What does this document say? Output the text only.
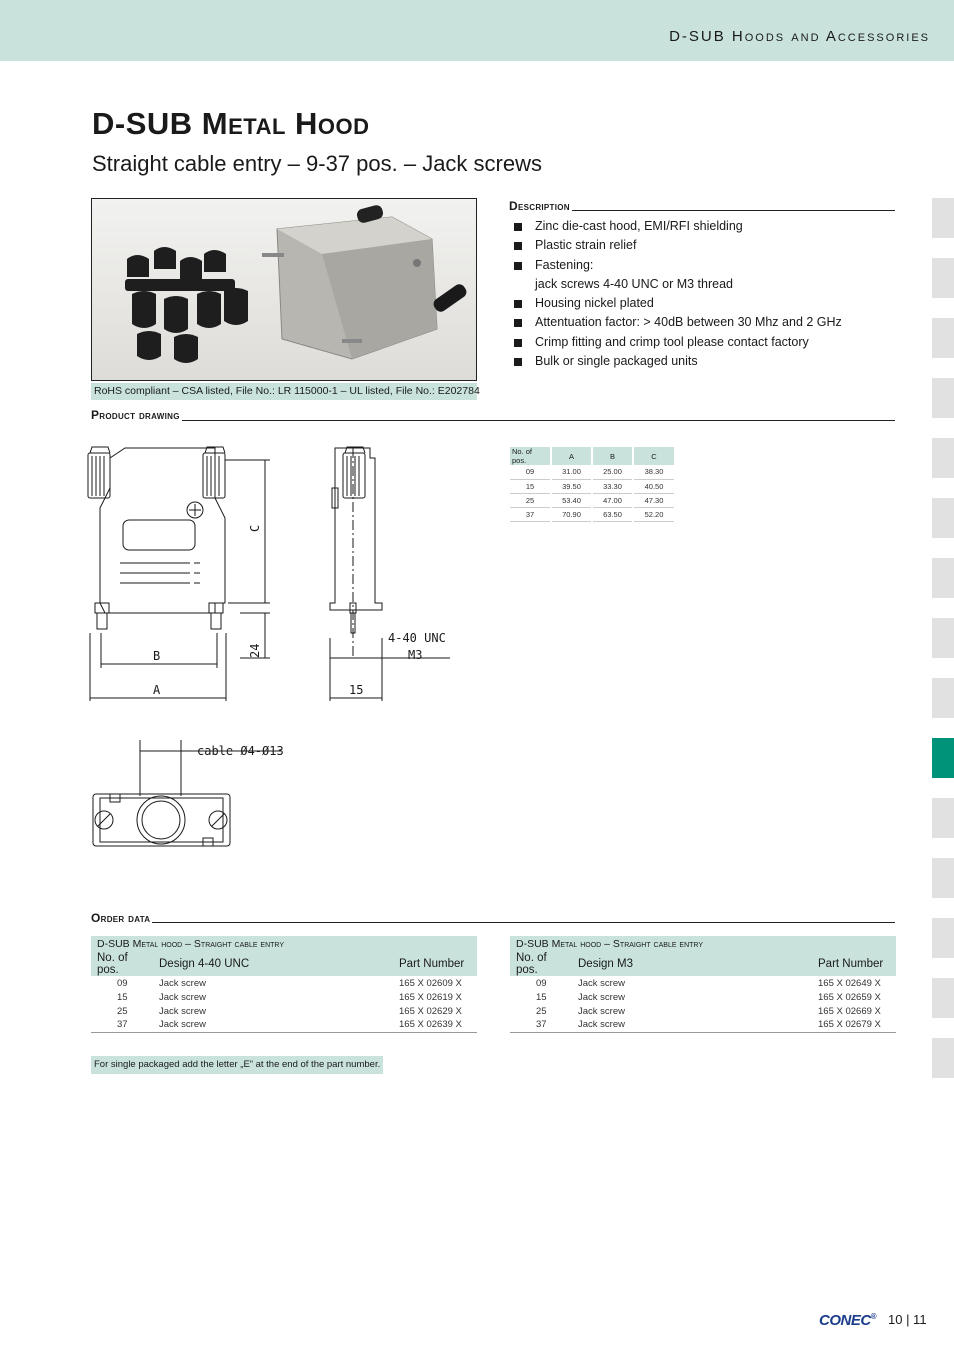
D-SUB Hoods and Accessories
D-SUB Metal Hood
Straight cable entry – 9-37 pos. – Jack screws
RoHS compliant – CSA listed, File No.: LR 115000-1 – UL listed, File No.: E202784
Description
Zinc die-cast hood, EMI/RFI shielding
Plastic strain relief
Fastening:
jack screws 4-40 UNC or M3 thread
Housing nickel plated
Attentuation factor: > 40dB between 30 Mhz and 2 GHz
Crimp fitting and crimp tool please contact factory
Bulk or single packaged units
Product drawing
C
24
B
A	15
4-40 UNC
M3
cable Ø4-Ø13
No. of pos.	A	B	C
09	31.00	25.00	38.30
15	39.50	33.30	40.50
25	53.40	47.00	47.30
37	70.90	63.50	52.20
Order data
D-SUB Metal hood – Straight cable entry		
No. of pos.	Design 4-40 UNC	Part Number
09	Jack screw	165 X 02609 X
15	Jack screw	165 X 02619 X
25	Jack screw	165 X 02629 X
37	Jack screw	165 X 02639 X
D-SUB Metal hood – Straight cable entry		
No. of pos.	Design M3	Part Number
09	Jack screw	165 X 02649 X
15	Jack screw	165 X 02659 X
25	Jack screw	165 X 02669 X
37	Jack screw	165 X 02679 X
For single packaged add the letter „E” at the end of the part number.
CONEC® 10 | 11
